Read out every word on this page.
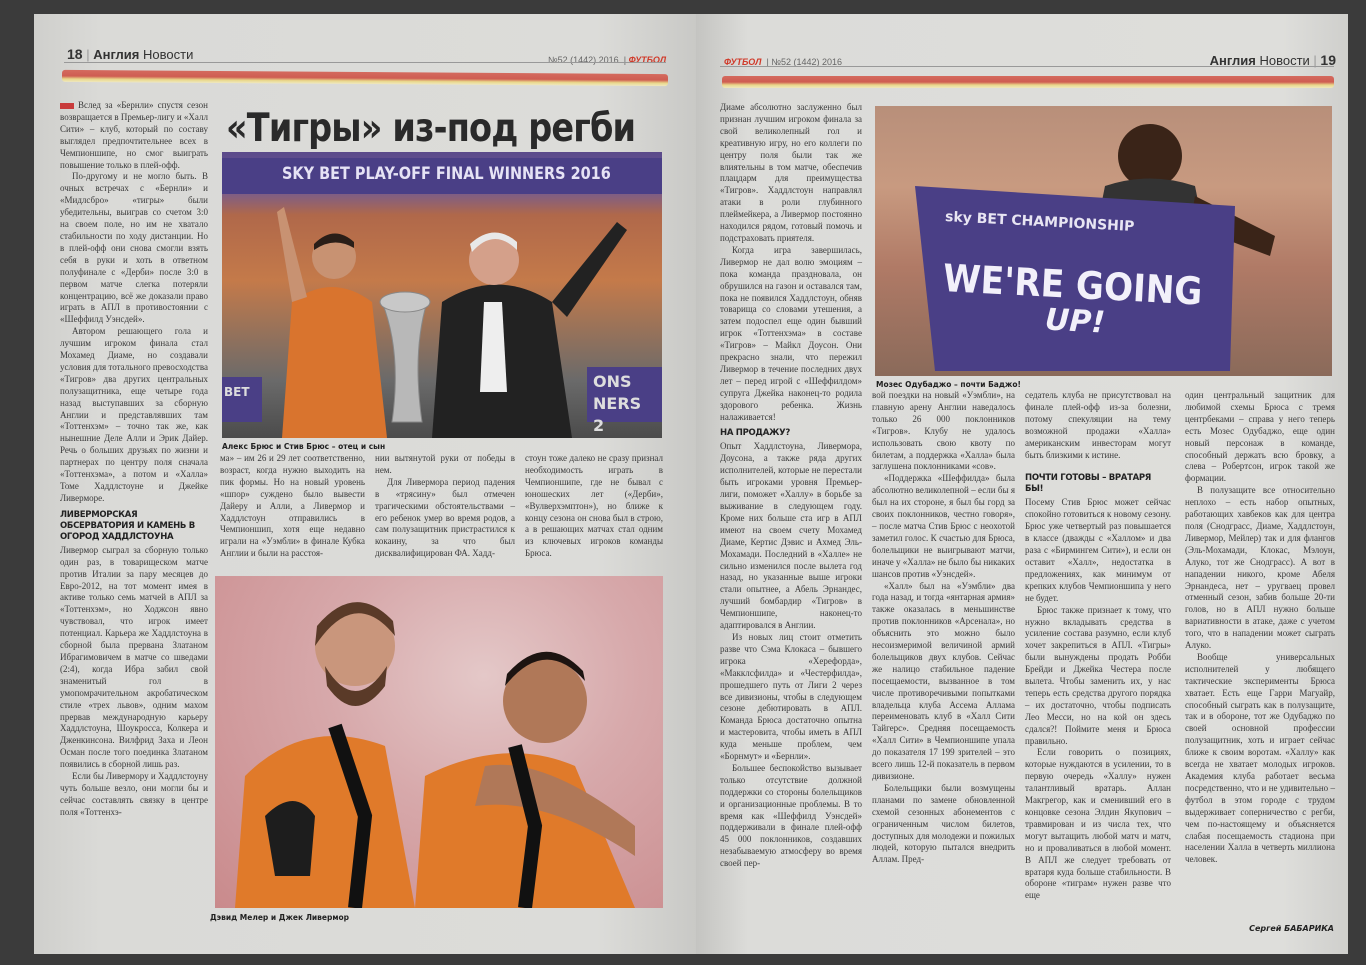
18 | Англия Новости	№52 (1442) 2016 | ФУТБОЛ

Вслед за «Бернли» спустя сезон возвращается в Премьер-лигу и «Халл Сити» – клуб, который по составу выглядел предпочтительнее всех в Чемпионшипе, но смог выиграть повышение только в плей-офф.

По-другому и не могло быть. В очных встречах с «Бернли» и «Мидлсбро» «тигры» были убедительны, выиграв со счетом 3:0 на своем поле, но им не хватало стабильности по ходу дистанции. Но в плей-офф они снова смогли взять себя в руки и хоть в ответном полуфинале с «Дерби» после 3:0 в первом матче слегка потеряли концентрацию, всё же доказали право играть в АПЛ в противостоянии с «Шеффилд Уэнсдей».

Автором решающего гола и лучшим игроком финала стал Мохамед Диаме, но создавали условия для тотального превосходства «Тигров» два других центральных полузащитника, еще четыре года назад выступавших за сборную Англии и представлявших там «Тоттенхэм» – точно так же, как нынешние Деле Алли и Эрик Дайер. Речь о больших друзьях по жизни и партнерах по центру поля сначала «Тоттенхэма», а потом и «Халла» Томе Хаддлстоуне и Джейке Ливерморе.

ЛИВЕРМОРСКАЯ ОБСЕРВАТОРИЯ И КАМЕНЬ В ОГОРОД ХАДДЛСТОУНА

Ливермор сыграл за сборную только один раз, в товарищеском матче против Италии за пару месяцев до Евро-2012, на тот момент имея в активе только семь матчей в АПЛ за «Тоттенхэм», но Ходжсон явно чувствовал, что игрок имеет потенциал. Карьера же Хаддлстоуна в сборной была прервана Златаном Ибрагимовичем в матче со шведами (2:4), когда Ибра забил свой знаменитый гол в умопомрачительном акробатическом стиле «трех львов», одним махом прервав международную карьеру Хаддлстоуна, Шоукросса, Колкера и Дженкинсона. Вилфрид Заха и Леон Осман после того поединка Златаном появились в сборной лишь раз.

Если бы Ливермору и Хаддлстоуну чуть больше везло, они могли бы и сейчас составлять связку в центре поля «Тоттенхэ-

«Тигры» из-под регби
SKY BET PLAY-OFF FINAL WINNERS 2016
BET
ONS
NERS 2
Алекс Брюс и Стив Брюс – отец и сын

ма» – им 26 и 29 лет соответственно, возраст, когда нужно выходить на пик формы. Но на новый уровень «шпор» суждено было вывести Дайеру и Алли, а Ливермор и Хаддлстоун отправились в Чемпионшип, хотя еще недавно играли на «Уэмбли» в финале Кубка Англии и были на расстоя-

нии вытянутой руки от победы в нем.

Для Ливермора период падения в «трясину» был отмечен трагическими обстоятельствами – его ребенок умер во время родов, а сам полузащитник пристрастился к кокаину, за что был дисквалифицирован ФА. Хадд-

стоун тоже далеко не сразу признал необходимость играть в Чемпионшипе, где не бывал с юношеских лет («Дерби», «Вулверхэмптон»), но ближе к концу сезона он снова был в строю, а в решающих матчах стал одним из ключевых игроков команды Брюса.

Дэвид Мелер и Джек Ливермор
ФУТБОЛ | №52 (1442) 2016	Англия Новости | 19

Диаме абсолютно заслуженно был признан лучшим игроком финала за свой великолепный гол и креативную игру, но его коллеги по центру поля были так же влиятельны в том матче, обеспечив плацдарм для преимущества «Тигров». Хаддлстоун направлял атаки в роли глубинного плеймейкера, а Ливермор постоянно находился рядом, готовый помочь и подстраховать приятеля.

Когда игра завершилась, Ливермор не дал волю эмоциям – пока команда праздновала, он обрушился на газон и оставался там, пока не появился Хаддлстоун, обняв товарища со словами утешения, а затем подоспел еще один бывший игрок «Тоттенхэма» в составе «Тигров» – Майкл Доусон. Они прекрасно знали, что пережил Ливермор в течение последних двух лет – перед игрой с «Шеффилдом» супруга Джейка наконец-то родила здорового ребенка. Жизнь налаживается!

НА ПРОДАЖУ?

Опыт Хаддлстоуна, Ливермора, Доусона, а также ряда других исполнителей, которые не перестали быть игроками уровня Премьер-лиги, поможет «Халлу» в борьбе за выживание в следующем году. Кроме них больше ста игр в АПЛ имеют на своем счету Мохамед Диаме, Кертис Дэвис и Ахмед Эль-Мохамади. Последний в «Халле» не сильно изменился после вылета год назад, но указанные выше игроки стали опытнее, а Абель Эрнандес, лучший бомбардир «Тигров» в Чемпионшипе, наконец-то адаптировался в Англии.

Из новых лиц стоит отметить разве что Сэма Клокаса – бывшего игрока «Херефорда», «Макклсфилда» и «Честерфилда», прошедшего путь от Лиги 2 через все дивизионы, чтобы в следующем сезоне дебютировать в АПЛ. Команда Брюса достаточно опытна и мастеровита, чтобы иметь в АПЛ куда меньше проблем, чем «Борнмут» и «Бернли».

Большее беспокойство вызывает только отсутствие должной поддержки со стороны болельщиков и организационные проблемы. В то время как «Шеффилд Уэнсдей» поддерживали в финале плей-офф 45 000 поклонников, создавших незабываемую атмосферу во время своей пер-

sky BET CHAMPIONSHIP
WE'RE GOING
UP!
Мозес Одубаджо – почти Баджо!

вой поездки на новый «Уэмбли», на главную арену Англии наведалось только 26 000 поклонников «Тигров». Клубу не удалось использовать свою квоту по билетам, а поддержка «Халла» была заглушена поклонниками «сов».

«Поддержка «Шеффилда» была абсолютно великолепной – если бы я был на их стороне, я был бы горд за своих поклонников, честно говоря», – после матча Стив Брюс с неохотой заметил голос. К счастью для Брюса, болельщики не выигрывают матчи, иначе у «Халла» не было бы никаких шансов против «Уэнсдей».

«Халл» был на «Уэмбли» два года назад, и тогда «янтарная армия» также оказалась в меньшинстве против поклонников «Арсенала», но объяснить это можно было несоизмеримой величиной армий болельщиков двух клубов. Сейчас же налицо стабильное падение посещаемости, вызванное в том числе противоречивыми попытками владельца клуба Ассема Аллама переименовать клуб в «Халл Сити Тайгерс». Средняя посещаемость «Халл Сити» в Чемпионшипе упала до показателя 17 199 зрителей – это всего лишь 12-й показатель в первом дивизионе.

Болельщики были возмущены планами по замене обновленной схемой сезонных абонементов с ограниченным числом билетов, доступных для молодежи и пожилых людей, которую пытался внедрить Аллам. Пред-

седатель клуба не присутствовал на финале плей-офф из-за болезни, потому спекуляции на тему возможной продажи «Халла» американским инвесторам могут быть близкими к истине.

ПОЧТИ ГОТОВЫ – ВРАТАРЯ БЫ!

Посему Стив Брюс может сейчас спокойно готовиться к новому сезону. Брюс уже четвертый раз повышается в классе (дважды с «Халлом» и два раза с «Бирмингем Сити»), и если он оставит «Халл», недостатка в предложениях, как минимум от крепких клубов Чемпионшипа у него не будет.

Брюс также признает к тому, что нужно вкладывать средства в усиление состава разумно, если клуб хочет закрепиться в АПЛ. «Тигры» были вынуждены продать Робби Брейди и Джейка Честера после вылета. Чтобы заменить их, у нас теперь есть средства другого порядка – их достаточно, чтобы подписать Лео Месси, но на кой он здесь сдался?! Поймите меня и Брюса правильно.

Если говорить о позициях, которые нуждаются в усилении, то в первую очередь «Халлу» нужен талантливый вратарь. Аллан Макгрегор, как и сменивший его в концовке сезона Элдин Якупович – травмирован и из числа тех, что могут вытащить любой матч и матч, но и проваливаться в любой момент. В АПЛ же следует требовать от вратаря куда больше стабильности. В обороне «тиграм» нужен разве что еще

один центральный защитник для любимой схемы Брюса с тремя центрбеками – справа у него теперь есть Мозес Одубаджо, еще один новый персонаж в команде, способный держать всю бровку, а слева – Робертсон, игрок такой же формации.

В полузащите все относительно неплохо – есть набор опытных, работающих хавбеков как для центра поля (Снодграсс, Диаме, Хаддлстоун, Ливермор, Мейлер) так и для флангов (Эль-Мохамади, Клокас, Мэлоун, Алуко, тот же Снодграсс). А вот в нападении никого, кроме Абеля Эрнандеса, нет – уругваец провел отменный сезон, забив больше 20-ти голов, но в АПЛ нужно больше вариативности в атаке, даже с учетом того, что в нападении может сыграть Алуко.

Вообще универсальных исполнителей у любящего тактические эксперименты Брюса хватает. Есть еще Гарри Магуайр, способный сыграть как в полузащите, так и в обороне, тот же Одубаджо по своей основной профессии полузащитник, хоть и играет сейчас ближе к своим воротам. «Халлу» как всегда не хватает молодых игроков. Академия клуба работает весьма посредственно, что и не удивительно – футбол в этом городе с трудом выдерживает соперничество с регби, чем по-настоящему и объясняется слабая посещаемость стадиона при населении Халла в четверть миллиона человек.

Сергей БАБАРИКА
